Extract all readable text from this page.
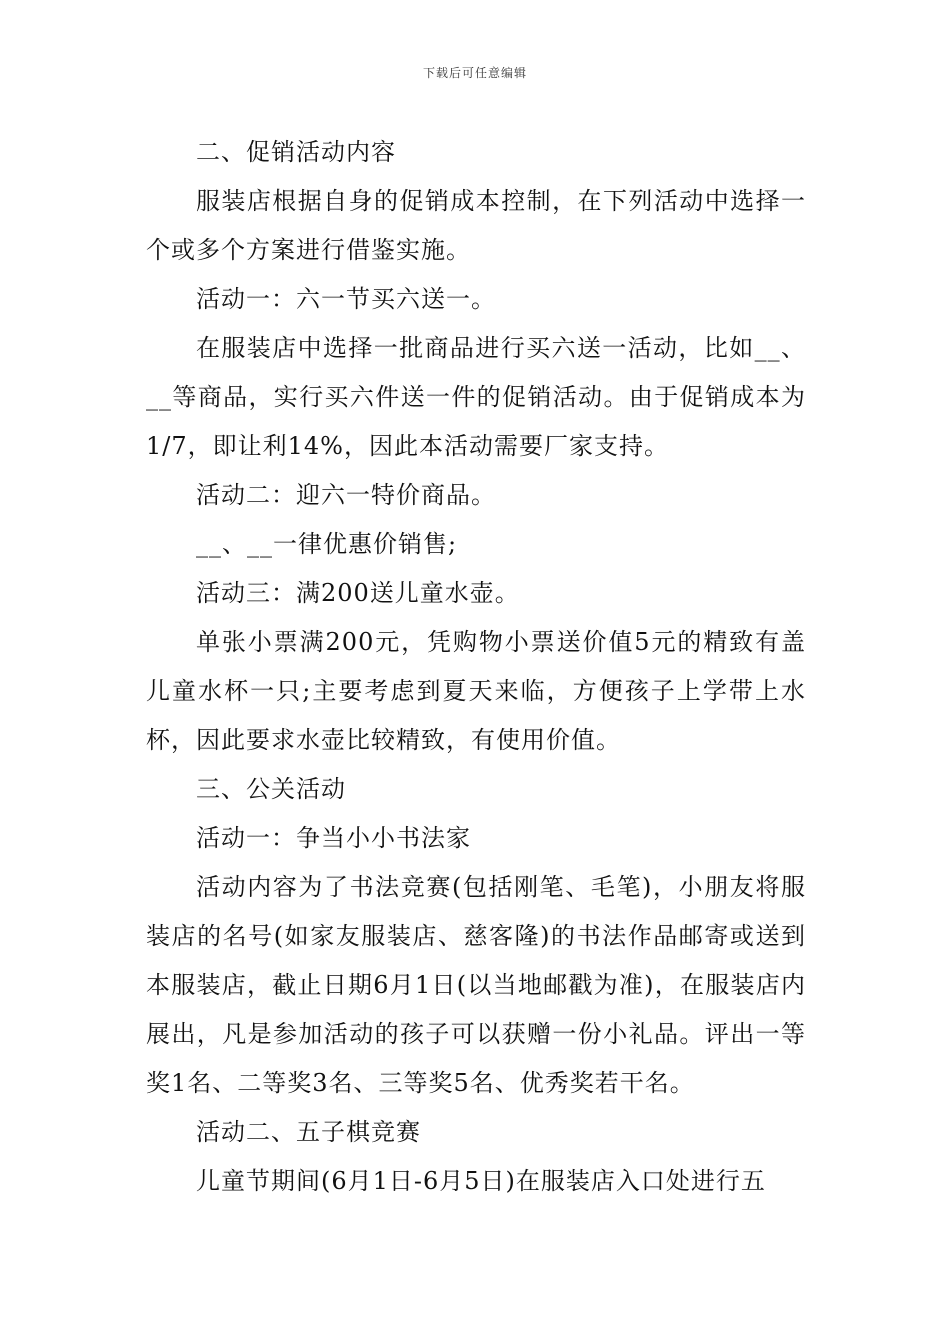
下载后可任意编辑

二、促销活动内容

服装店根据自身的促销成本控制，在下列活动中选择一个或多个方案进行借鉴实施。

活动一：六一节买六送一。

在服装店中选择一批商品进行买六送一活动，比如__、__等商品，实行买六件送一件的促销活动。由于促销成本为1/7，即让利14%，因此本活动需要厂家支持。

活动二：迎六一特价商品。

__、__一律优惠价销售;

活动三：满200送儿童水壶。

单张小票满200元，凭购物小票送价值5元的精致有盖儿童水杯一只;主要考虑到夏天来临，方便孩子上学带上水杯，因此要求水壶比较精致，有使用价值。

三、公关活动

活动一：争当小小书法家

活动内容为了书法竞赛(包括刚笔、毛笔)，小朋友将服装店的名号(如家友服装店、慈客隆)的书法作品邮寄或送到本服装店，截止日期6月1日(以当地邮戳为准)，在服装店内展出，凡是参加活动的孩子可以获赠一份小礼品。评出一等奖1名、二等奖3名、三等奖5名、优秀奖若干名。

活动二、五子棋竞赛

儿童节期间(6月1日-6月5日)在服装店入口处进行五
